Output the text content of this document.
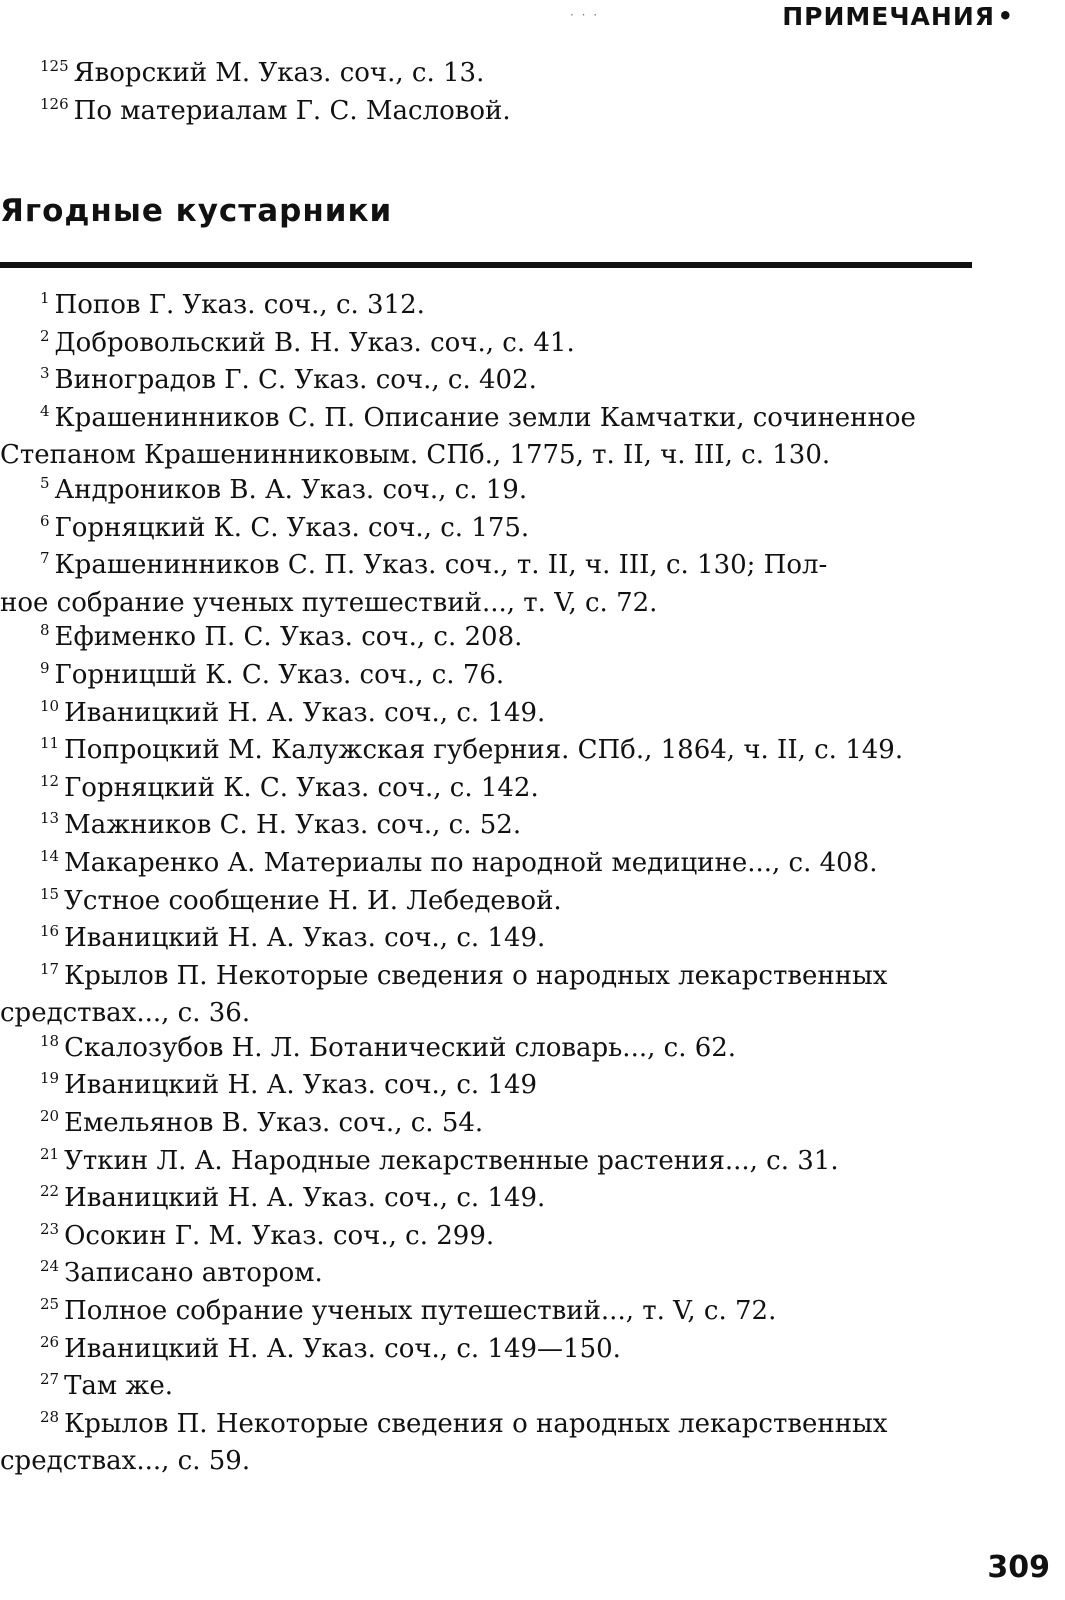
· · ·	ПРИМЕЧАНИЯ •
$^{125}$ Яворский М. Указ. соч., с. 13.
$^{126}$ По материалам Г. С. Масловой.
Ягодные кустарники
$^1$ Попов Г. Указ. соч., с. 312.
$^2$ Добровольский В. Н. Указ. соч., с. 41.
$^3$ Виноградов Г. С. Указ. соч., с. 402.
$^4$ Крашенинников С. П. Описание земли Камчатки, сочиненное
Степаном Крашенинниковым. СПб., 1775, т. II, ч. III, с. 130.
$^5$ Андроников В. А. Указ. соч., с. 19.
$^6$ Горняцкий К. С. Указ. соч., с. 175.
$^7$ Крашенинников С. П. Указ. соч., т. II, ч. III, с. 130; Пол-
ное собрание ученых путешествий..., т. V, с. 72.
$^8$ Ефименко П. С. Указ. соч., с. 208.
$^9$ Горницшй К. С. Указ. соч., с. 76.
$^{10}$ Иваницкий Н. А. Указ. соч., с. 149.
$^{11}$ Попроцкий М. Калужская губерния. СПб., 1864, ч. II, с. 149.
$^{12}$ Горняцкий К. С. Указ. соч., с. 142.
$^{13}$ Мажников С. Н. Указ. соч., с. 52.
$^{14}$ Макаренко А. Материалы по народной медицине..., с. 408.
$^{15}$ Устное сообщение Н. И. Лебедевой.
$^{16}$ Иваницкий Н. А. Указ. соч., с. 149.
$^{17}$ Крылов П. Некоторые сведения о народных лекарственных
средствах..., с. 36.
$^{18}$ Скалозубов Н. Л. Ботанический словарь..., с. 62.
$^{19}$ Иваницкий Н. А. Указ. соч., с. 149
$^{20}$ Емельянов В. Указ. соч., с. 54.
$^{21}$ Уткин Л. А. Народные лекарственные растения..., с. 31.
$^{22}$ Иваницкий Н. А. Указ. соч., с. 149.
$^{23}$ Осокин Г. М. Указ. соч., с. 299.
$^{24}$ Записано автором.
$^{25}$ Полное собрание ученых путешествий..., т. V, с. 72.
$^{26}$ Иваницкий Н. А. Указ. соч., с. 149—150.
$^{27}$ Там же.
$^{28}$ Крылов П. Некоторые сведения о народных лекарственных
средствах..., с. 59.
309
